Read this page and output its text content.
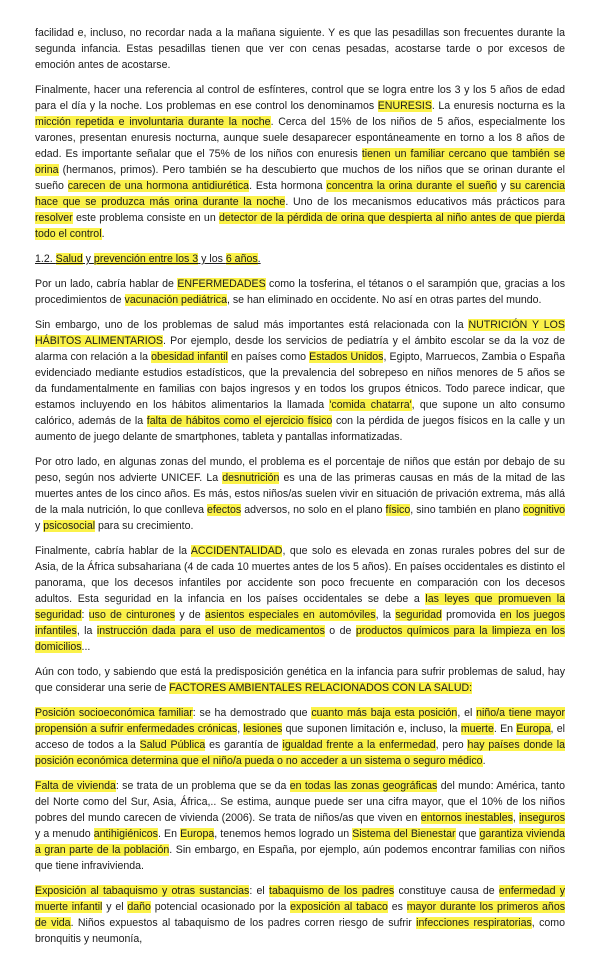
facilidad e, incluso, no recordar nada a la mañana siguiente. Y es que las pesadillas son frecuentes durante la segunda infancia. Estas pesadillas tienen que ver con cenas pesadas, acostarse tarde o por excesos de emoción antes de acostarse.

Finalmente, hacer una referencia al control de esfínteres, control que se logra entre los 3 y los 5 años de edad para el día y la noche. Los problemas en ese control los denominamos ENURESIS. La enuresis nocturna es la micción repetida e involuntaria durante la noche. Cerca del 15% de los niños de 5 años, especialmente los varones, presentan enuresis nocturna, aunque suele desaparecer espontáneamente en torno a los 8 años de edad. Es importante señalar que el 75% de los niños con enuresis tienen un familiar cercano que también se orina (hermanos, primos). Pero también se ha descubierto que muchos de los niños que se orinan durante el sueño carecen de una hormona antidiurética. Esta hormona concentra la orina durante el sueño y su carencia hace que se produzca más orina durante la noche. Uno de los mecanismos educativos más prácticos para resolver este problema consiste en un detector de la pérdida de orina que despierta al niño antes de que pierda todo el control.

1.2. Salud y prevención entre los 3 y los 6 años.

Por un lado, cabría hablar de ENFERMEDADES como la tosferina, el tétanos o el sarampión que, gracias a los procedimientos de vacunación pediátrica, se han eliminado en occidente. No así en otras partes del mundo.

Sin embargo, uno de los problemas de salud más importantes está relacionada con la NUTRICIÓN Y LOS HÁBITOS ALIMENTARIOS. Por ejemplo, desde los servicios de pediatría y el ámbito escolar se da la voz de alarma con relación a la obesidad infantil en países como Estados Unidos, Egipto, Marruecos, Zambia o España evidenciado mediante estudios estadísticos, que la prevalencia del sobrepeso en niños menores de 5 años se da fundamentalmente en familias con bajos ingresos y en todos los grupos étnicos. Todo parece indicar, que estamos incluyendo en los hábitos alimentarios la llamada 'comida chatarra', que supone un alto consumo calórico, además de la falta de hábitos como el ejercicio físico con la pérdida de juegos físicos en la calle y un aumento de juego delante de smartphones, tableta y pantallas informatizadas.

Por otro lado, en algunas zonas del mundo, el problema es el porcentaje de niños que están por debajo de su peso, según nos advierte UNICEF. La desnutrición es una de las primeras causas en más de la mitad de las muertes antes de los cinco años. Es más, estos niños/as suelen vivir en situación de privación extrema, más allá de la mala nutrición, lo que conlleva efectos adversos, no solo en el plano físico, sino también en plano cognitivo y psicosocial para su crecimiento.

Finalmente, cabría hablar de la ACCIDENTALIDAD, que solo es elevada en zonas rurales pobres del sur de Asia, de la África subsahariana (4 de cada 10 muertes antes de los 5 años). En países occidentales es distinto el panorama, que los decesos infantiles por accidente son poco frecuente en comparación con los decesos adultos. Esta seguridad en la infancia en los países occidentales se debe a las leyes que promueven la seguridad: uso de cinturones y de asientos especiales en automóviles, la seguridad promovida en los juegos infantiles, la instrucción dada para el uso de medicamentos o de productos químicos para la limpieza en los domicilios...

Aún con todo, y sabiendo que está la predisposición genética en la infancia para sufrir problemas de salud, hay que considerar una serie de FACTORES AMBIENTALES RELACIONADOS CON LA SALUD:

Posición socioeconómica familiar: se ha demostrado que cuanto más baja esta posición, el niño/a tiene mayor propensión a sufrir enfermedades crónicas, lesiones que suponen limitación e, incluso, la muerte. En Europa, el acceso de todos a la Salud Pública es garantía de igualdad frente a la enfermedad, pero hay países donde la posición económica determina que el niño/a pueda o no acceder a un sistema o seguro médico.

Falta de vivienda: se trata de un problema que se da en todas las zonas geográficas del mundo: América, tanto del Norte como del Sur, Asia, África,.. Se estima, aunque puede ser una cifra mayor, que el 10% de los niños pobres del mundo carecen de vivienda (2006). Se trata de niños/as que viven en entornos inestables, inseguros y a menudo antihigiénicos. En Europa, tenemos hemos logrado un Sistema del Bienestar que garantiza vivienda a gran parte de la población. Sin embargo, en España, por ejemplo, aún podemos encontrar familias con niños que tiene infravivienda.

Exposición al tabaquismo y otras sustancias: el tabaquismo de los padres constituye causa de enfermedad y muerte infantil y el daño potencial ocasionado por la exposición al tabaco es mayor durante los primeros años de vida. Niños expuestos al tabaquismo de los padres corren riesgo de sufrir infecciones respiratorias, como bronquitis y neumonía,
